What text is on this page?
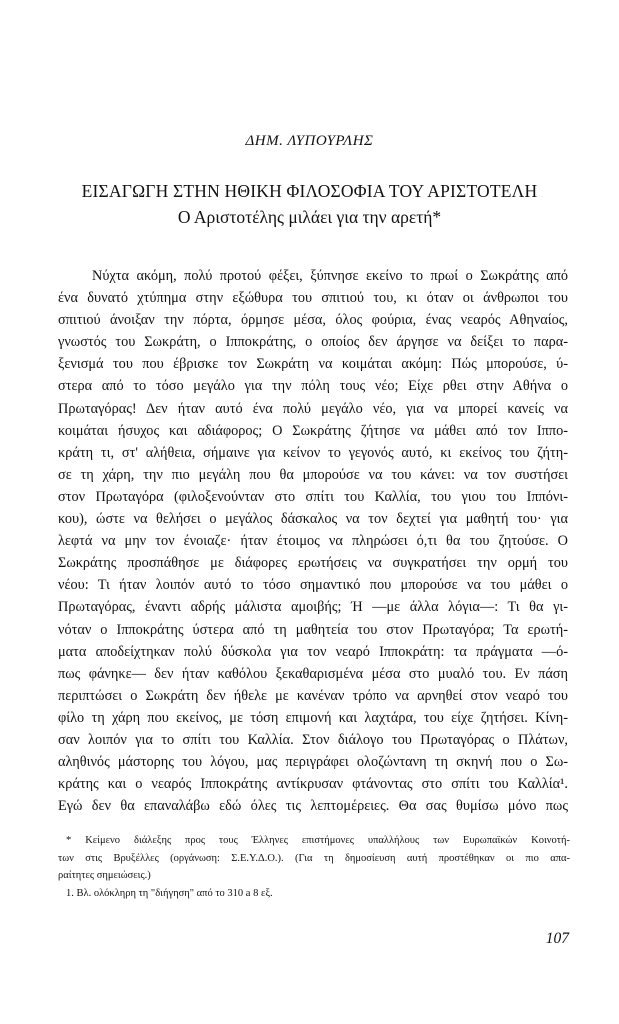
ΔΗΜ. ΛΥΠΟΥΡΛΗΣ
ΕΙΣΑΓΩΓΗ ΣΤΗΝ ΗΘΙΚΗ ΦΙΛΟΣΟΦΙΑ ΤΟΥ ΑΡΙΣΤΟΤΕΛΗ
Ο Αριστοτέλης μιλάει για την αρετή*
Νύχτα ακόμη, πολύ προτού φέξει, ξύπνησε εκείνο το πρωί ο Σωκράτης από
ένα δυνατό χτύπημα στην εξώθυρα του σπιτιού του, κι όταν οι άνθρωποι του
σπιτιού άνοιξαν την πόρτα, όρμησε μέσα, όλος φούρια, ένας νεαρός Αθηναίος,
γνωστός του Σωκράτη, ο Ιπποκράτης, ο οποίος δεν άργησε να δείξει το παρα-
ξενισμά του που έβρισκε τον Σωκράτη να κοιμάται ακόμη: Πώς μπορούσε, ύ-
στερα από το τόσο μεγάλο για την πόλη τους νέο; Είχε ρθει στην Αθήνα ο
Πρωταγόρας! Δεν ήταν αυτό ένα πολύ μεγάλο νέο, για να μπορεί κανείς να
κοιμάται ήσυχος και αδιάφορος; Ο Σωκράτης ζήτησε να μάθει από τον Ιππο-
κράτη τι, στ' αλήθεια, σήμαινε για κείνον το γεγονός αυτό, κι εκείνος του ζήτη-
σε τη χάρη, την πιο μεγάλη που θα μπορούσε να του κάνει: να τον συστήσει
στον Πρωταγόρα (φιλοξενούνταν στο σπίτι του Καλλία, του γιου του Ιππόνι-
κου), ώστε να θελήσει ο μεγάλος δάσκαλος να τον δεχτεί για μαθητή του· για
λεφτά να μην τον ένοιαζε· ήταν έτοιμος να πληρώσει ό,τι θα του ζητούσε. Ο
Σωκράτης προσπάθησε με διάφορες ερωτήσεις να συγκρατήσει την ορμή του
νέου: Τι ήταν λοιπόν αυτό το τόσο σημαντικό που μπορούσε να του μάθει ο
Πρωταγόρας, έναντι αδρής μάλιστα αμοιβής; Ή —με άλλα λόγια—: Τι θα γι-
νόταν ο Ιπποκράτης ύστερα από τη μαθητεία του στον Πρωταγόρα; Τα ερωτή-
ματα αποδείχτηκαν πολύ δύσκολα για τον νεαρό Ιπποκράτη: τα πράγματα —ό-
πως φάνηκε— δεν ήταν καθόλου ξεκαθαρισμένα μέσα στο μυαλό του. Εν πάση
περιπτώσει ο Σωκράτη δεν ήθελε με κανέναν τρόπο να αρνηθεί στον νεαρό του
φίλο τη χάρη που εκείνος, με τόση επιμονή και λαχτάρα, του είχε ζητήσει. Κίνη-
σαν λοιπόν για το σπίτι του Καλλία. Στον διάλογο του Πρωταγόρας ο Πλάτων,
αληθινός μάστορης του λόγου, μας περιγράφει ολοζώντανη τη σκηνή που ο Σω-
κράτης και ο νεαρός Ιπποκράτης αντίκρυσαν φτάνοντας στο σπίτι του Καλλία¹.
Εγώ δεν θα επαναλάβω εδώ όλες τις λεπτομέρειες. Θα σας θυμίσω μόνο πως
* Κείμενο διάλεξης προς τους Έλληνες επιστήμονες υπαλλήλους των Ευρωπαϊκών Κοινοτή-
των στις Βρυξέλλες (οργάνωση: Σ.Ε.Υ.Δ.Ο.). (Για τη δημοσίευση αυτή προστέθηκαν οι πιο απα-
ραίτητες σημειώσεις.)
1. Βλ. ολόκληρη τη "διήγηση" από το 310 a 8 εξ.
107
